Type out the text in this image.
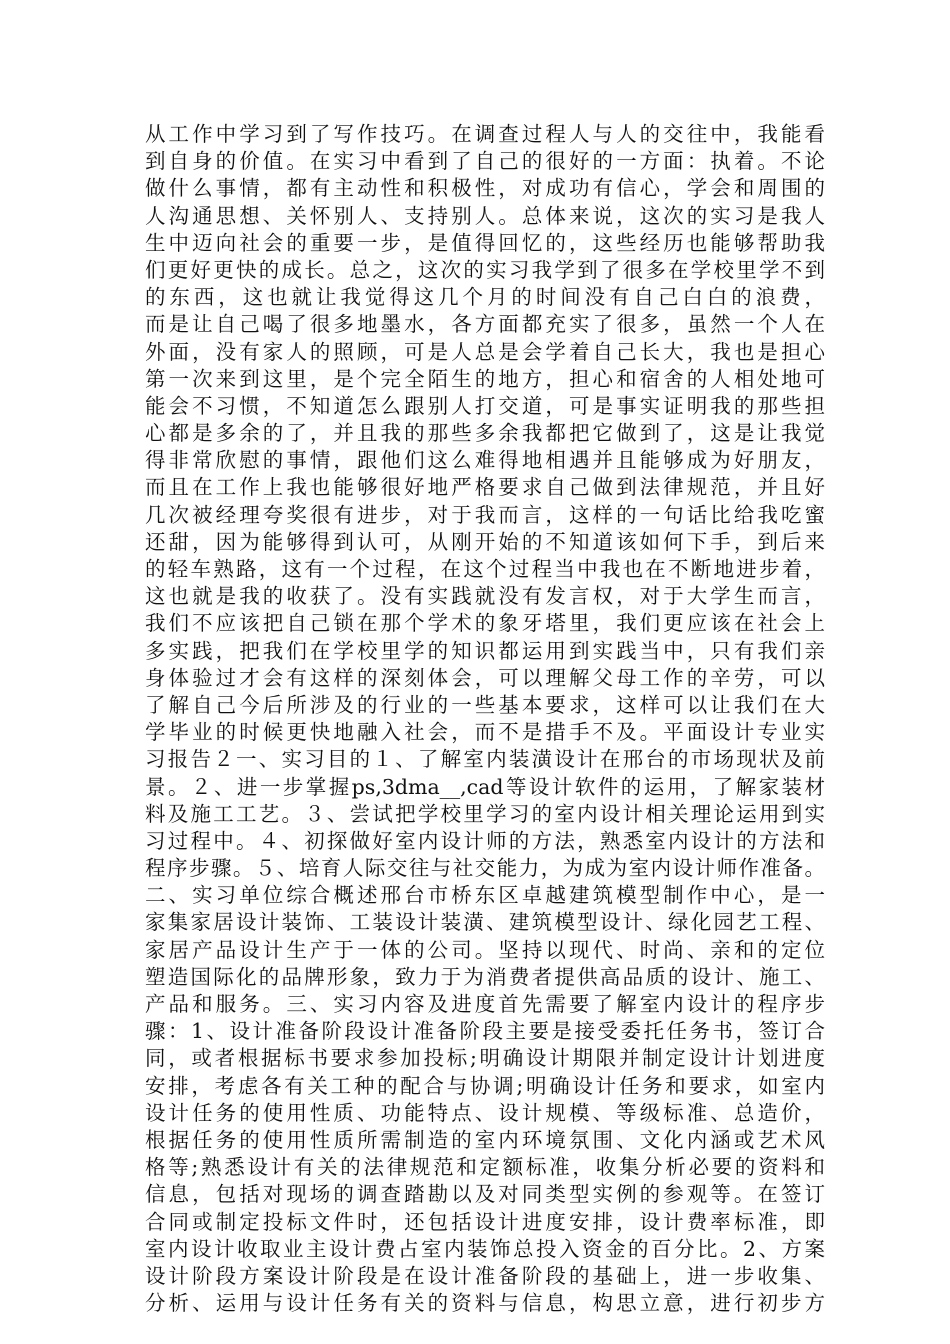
从工作中学习到了写作技巧。在调查过程人与人的交往中，我能看
到自身的价值。在实习中看到了自己的很好的一方面：执着。不论
做什么事情，都有主动性和积极性，对成功有信心，学会和周围的
人沟通思想、关怀别人、支持别人。总体来说，这次的实习是我人
生中迈向社会的重要一步，是值得回忆的，这些经历也能够帮助我
们更好更快的成长。总之，这次的实习我学到了很多在学校里学不到
的东西，这也就让我觉得这几个月的时间没有自己白白的浪费，
而是让自己喝了很多地墨水，各方面都充实了很多，虽然一个人在
外面，没有家人的照顾，可是人总是会学着自己长大，我也是担心
第一次来到这里，是个完全陌生的地方，担心和宿舍的人相处地可
能会不习惯，不知道怎么跟别人打交道，可是事实证明我的那些担
心都是多余的了，并且我的那些多余我都把它做到了，这是让我觉
得非常欣慰的事情，跟他们这么难得地相遇并且能够成为好朋友，
而且在工作上我也能够很好地严格要求自己做到法律规范，并且好
几次被经理夸奖很有进步，对于我而言，这样的一句话比给我吃蜜
还甜，因为能够得到认可，从刚开始的不知道该如何下手，到后来
的轻车熟路，这有一个过程，在这个过程当中我也在不断地进步着，
这也就是我的收获了。没有实践就没有发言权，对于大学生而言，
我们不应该把自己锁在那个学术的象牙塔里，我们更应该在社会上
多实践，把我们在学校里学的知识都运用到实践当中，只有我们亲
身体验过才会有这样的深刻体会，可以理解父母工作的辛劳，可以
了解自己今后所涉及的行业的一些基本要求，这样可以让我们在大
学毕业的时候更快地融入社会，而不是措手不及。平面设计专业实
习报告２一、实习目的１、了解室内装潢设计在邢台的市场现状及前
景。２、进一步掌握ps,3dma__,cad等设计软件的运用，了解家装材
料及施工工艺。３、尝试把学校里学习的室内设计相关理论运用到实
习过程中。４、初探做好室内设计师的方法，熟悉室内设计的方法和
程序步骤。５、培育人际交往与社交能力，为成为室内设计师作准备。
二、实习单位综合概述邢台市桥东区卓越建筑模型制作中心，是一
家集家居设计装饰、工装设计装潢、建筑模型设计、绿化园艺工程、
家居产品设计生产于一体的公司。坚持以现代、时尚、亲和的定位
塑造国际化的品牌形象，致力于为消费者提供高品质的设计、施工、
产品和服务。三、实习内容及进度首先需要了解室内设计的程序步
骤：1、设计准备阶段设计准备阶段主要是接受委托任务书，签订合
同，或者根据标书要求参加投标;明确设计期限并制定设计计划进度
安排，考虑各有关工种的配合与协调;明确设计任务和要求，如室内
设计任务的使用性质、功能特点、设计规模、等级标准、总造价，
根据任务的使用性质所需制造的室内环境氛围、文化内涵或艺术风
格等;熟悉设计有关的法律规范和定额标准，收集分析必要的资料和
信息，包括对现场的调查踏勘以及对同类型实例的参观等。在签订
合同或制定投标文件时，还包括设计进度安排，设计费率标准，即
室内设计收取业主设计费占室内装饰总投入资金的百分比。2、方案
设计阶段方案设计阶段是在设计准备阶段的基础上，进一步收集、
分析、运用与设计任务有关的资料与信息，构思立意，进行初步方
